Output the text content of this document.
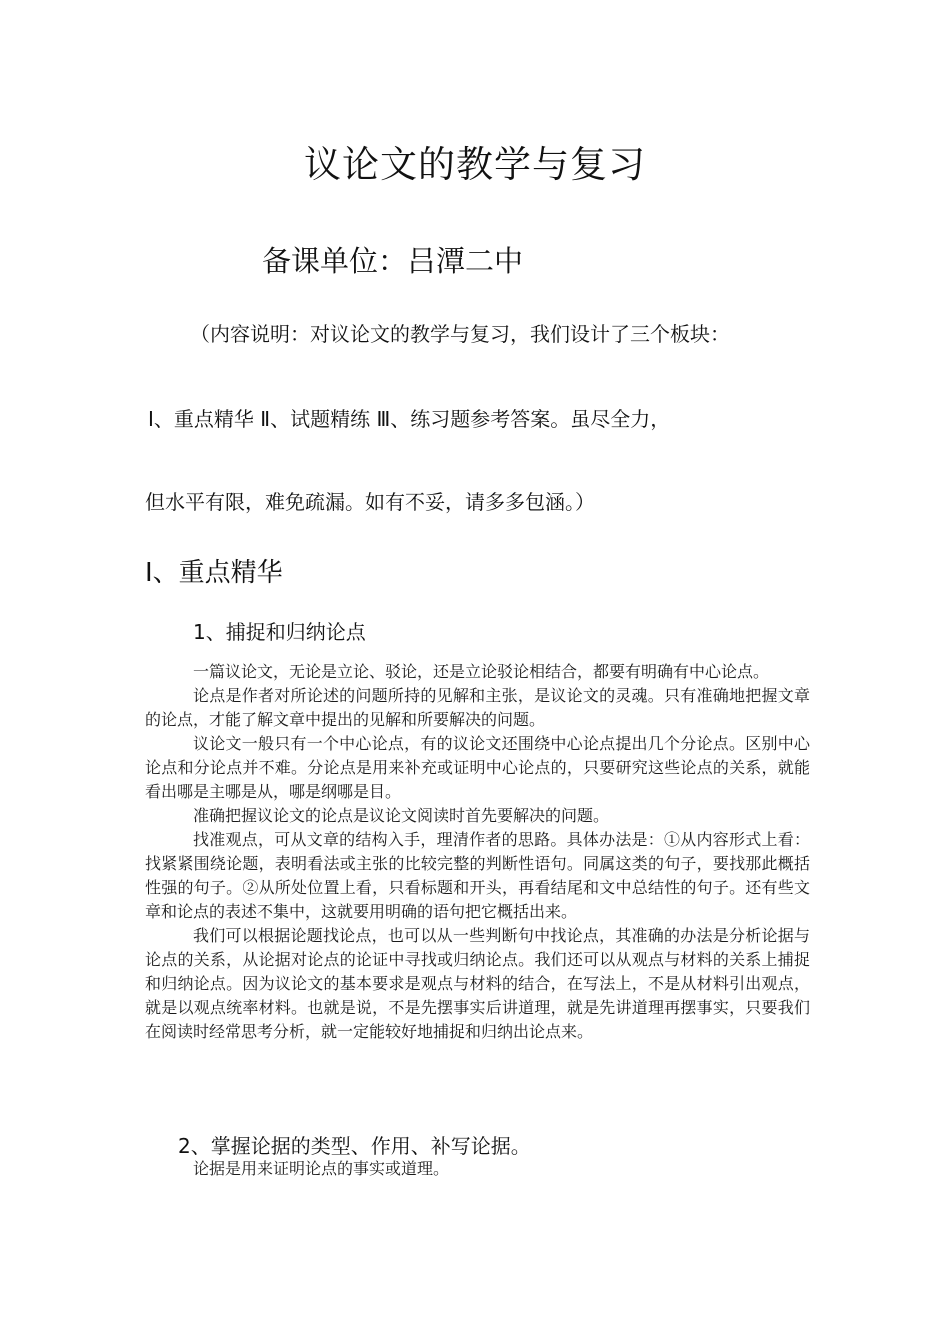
议论文的教学与复习
备课单位：吕潭二中
（内容说明：对议论文的教学与复习，我们设计了三个板块：
Ⅰ、重点精华 Ⅱ、试题精练 Ⅲ、练习题参考答案。虽尽全力，
但水平有限，难免疏漏。如有不妥，请多多包涵。）
I、重点精华
1、捕捉和归纳论点

一篇议论文，无论是立论、驳论，还是立论驳论相结合，都要有明确有中心论点。

论点是作者对所论述的问题所持的见解和主张，是议论文的灵魂。只有准确地把握文章的论点，才能了解文章中提出的见解和所要解决的问题。

议论文一般只有一个中心论点，有的议论文还围绕中心论点提出几个分论点。区别中心论点和分论点并不难。分论点是用来补充或证明中心论点的，只要研究这些论点的关系，就能看出哪是主哪是从，哪是纲哪是目。

准确把握议论文的论点是议论文阅读时首先要解决的问题。

找准观点，可从文章的结构入手，理清作者的思路。具体办法是：①从内容形式上看：找紧紧围绕论题，表明看法或主张的比较完整的判断性语句。同属这类的句子，要找那此概括性强的句子。②从所处位置上看，只看标题和开头，再看结尾和文中总结性的句子。还有些文章和论点的表述不集中，这就要用明确的语句把它概括出来。

我们可以根据论题找论点，也可以从一些判断句中找论点，其准确的办法是分析论据与论点的关系，从论据对论点的论证中寻找或归纳论点。我们还可以从观点与材料的关系上捕捉和归纳论点。因为议论文的基本要求是观点与材料的结合，在写法上，不是从材料引出观点，就是以观点统率材料。也就是说，不是先摆事实后讲道理，就是先讲道理再摆事实，只要我们在阅读时经常思考分析，就一定能较好地捕捉和归纳出论点来。

2、掌握论据的类型、作用、补写论据。

论据是用来证明论点的事实或道理。
